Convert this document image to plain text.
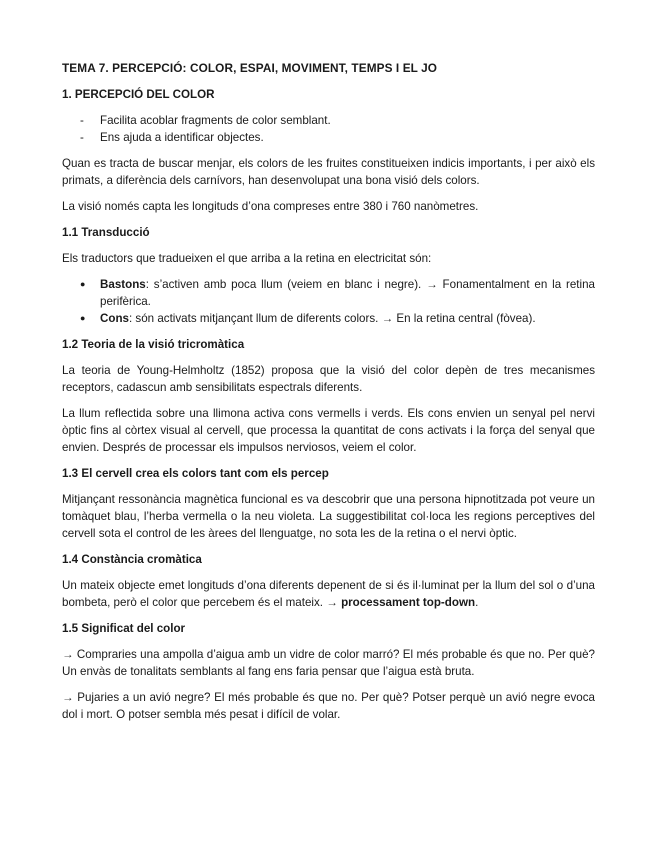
TEMA 7. PERCEPCIÓ: COLOR, ESPAI, MOVIMENT, TEMPS I EL JO
1. PERCEPCIÓ DEL COLOR
- Facilita acoblar fragments de color semblant.
- Ens ajuda a identificar objectes.

Quan es tracta de buscar menjar, els colors de les fruites constitueixen indicis importants, i per això els primats, a diferència dels carnívors, han desenvolupat una bona visió dels colors.

La visió només capta les longituds d’ona compreses entre 380 i 760 nanòmetres.

1.1 Transducció

Els traductors que tradueixen el que arriba a la retina en electricitat són:

● Bastons: s’activen amb poca llum (veiem en blanc i negre). → Fonamentalment en la retina perifèrica.
● Cons: són activats mitjançant llum de diferents colors. → En la retina central (fòvea).
1.2 Teoria de la visió tricromàtica

La teoria de Young-Helmholtz (1852) proposa que la visió del color depèn de tres mecanismes receptors, cadascun amb sensibilitats espectrals diferents.

La llum reflectida sobre una llimona activa cons vermells i verds. Els cons envien un senyal pel nervi òptic fins al còrtex visual al cervell, que processa la quantitat de cons activats i la força del senyal que envien. Després de processar els impulsos nerviosos, veiem el color.

1.3 El cervell crea els colors tant com els percep

Mitjançant ressonància magnètica funcional es va descobrir que una persona hipnotitzada pot veure un tomàquet blau, l’herba vermella o la neu violeta. La suggestibilitat col·loca les regions perceptives del cervell sota el control de les àrees del llenguatge, no sota les de la retina o el nervi òptic.

1.4 Constància cromàtica

Un mateix objecte emet longituds d’ona diferents depenent de si és il·luminat per la llum del sol o d’una bombeta, però el color que percebem és el mateix. → processament top-down.

1.5 Significat del color

→ Compraries una ampolla d’aigua amb un vidre de color marró? El més probable és que no. Per què? Un envàs de tonalitats semblants al fang ens faria pensar que l’aigua està bruta.

→ Pujaries a un avió negre? El més probable és que no. Per què? Potser perquè un avió negre evoca dol i mort. O potser sembla més pesat i difícil de volar.
